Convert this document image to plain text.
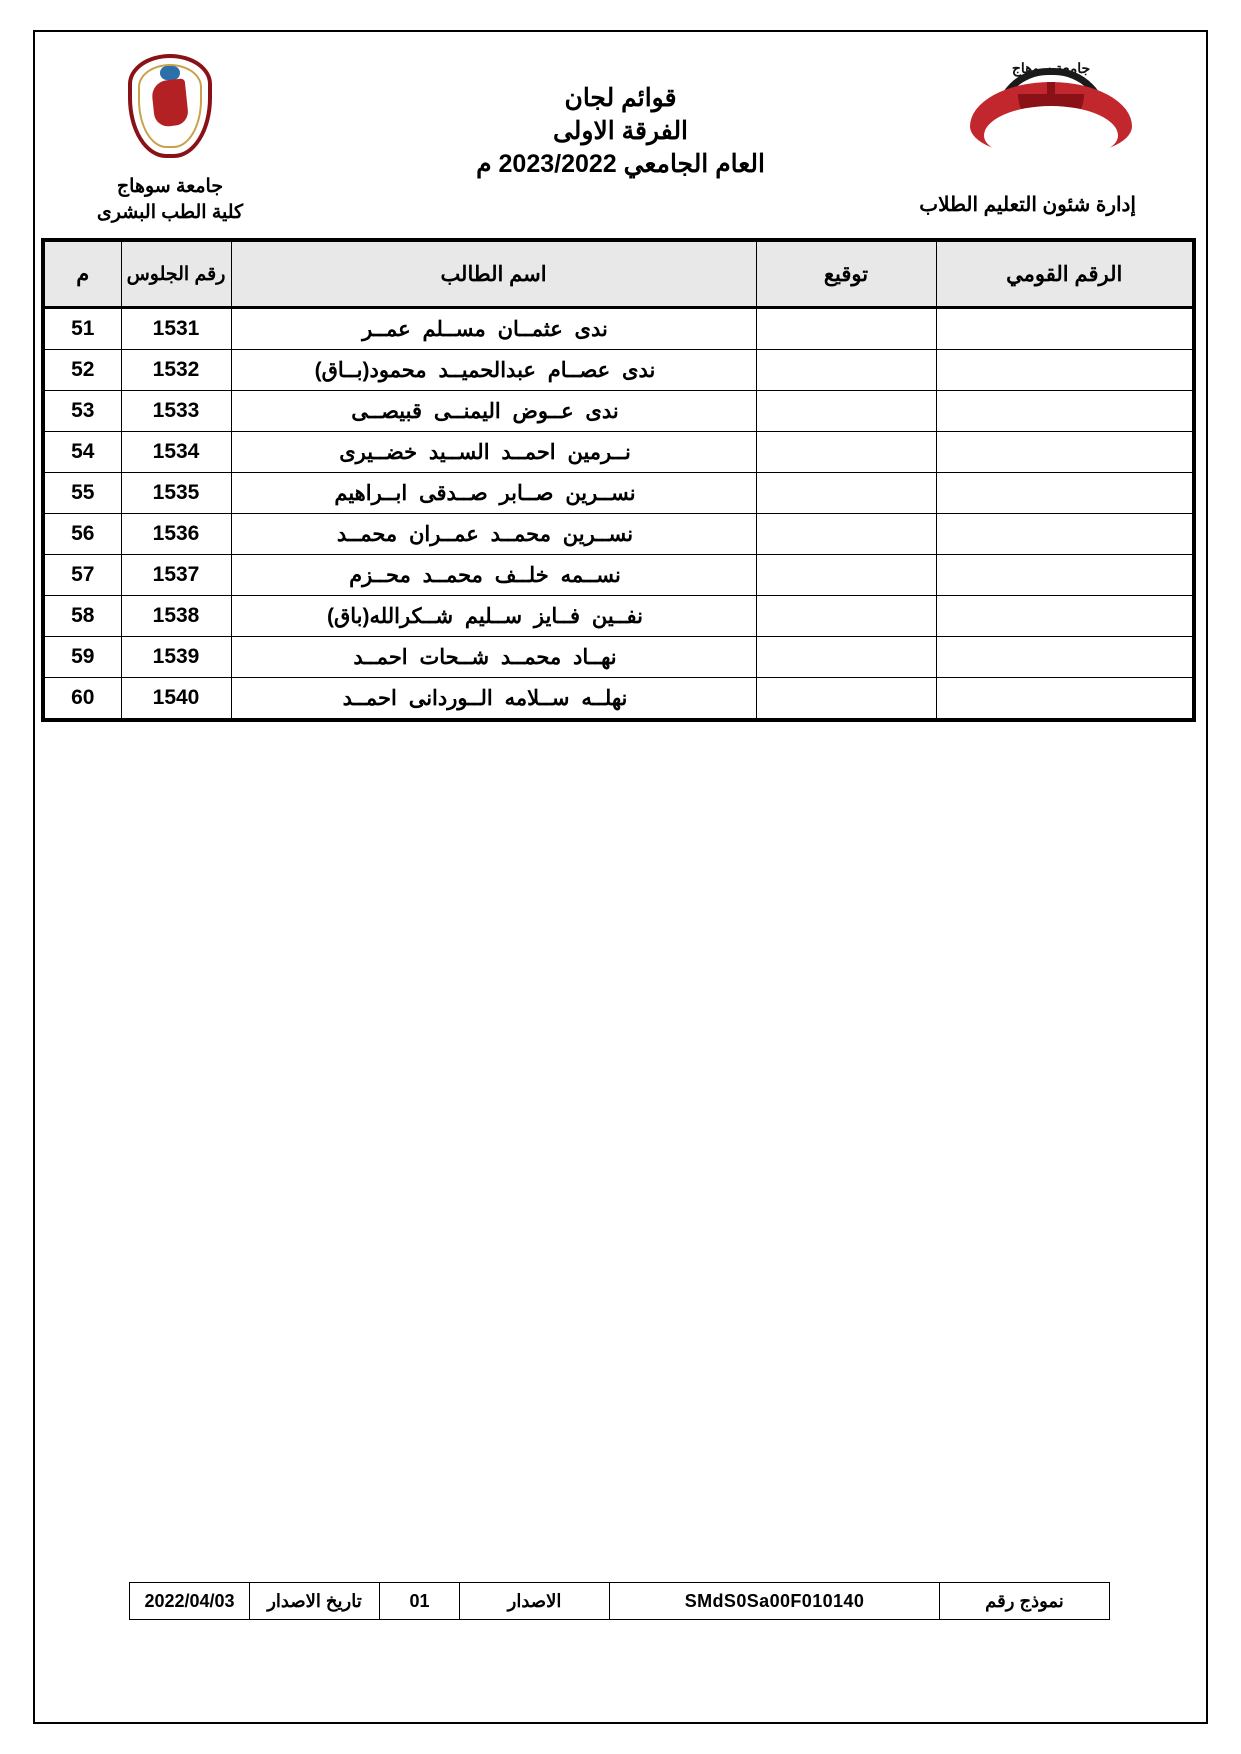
جامعة سوهاج
كلية الطلاب
قوائم لجان
الفرقة الاولى
العام الجامعي 2023/2022 م
جامعة سوهاج
كلية الطب البشرى	إدارة شئون التعليم الطلاب
الرقم القومي	توقيع	اسم الطالب	رقم الجلوس	م
		ندى عثمــان مســلم عمــر	1531	51
		ندى عصــام عبدالحميــد محمود(بــاق)	1532	52
		ندى عــوض اليمنــى قبيصــى	1533	53
		نــرمين احمــد الســيد خضــيرى	1534	54
		نســرين صــابر صــدقى ابــراهيم	1535	55
		نســرين محمــد عمــران محمــد	1536	56
		نســمه خلــف محمــد محــزم	1537	57
		نفــين فــايز ســليم شــكرالله(باق)	1538	58
		نهــاد محمــد شــحات احمــد	1539	59
		نهلــه ســلامه الــوردانى احمــد	1540	60
نموذج رقم	SMdS0Sa00F010140	الاصدار	01	تاريخ الاصدار	2022/04/03
